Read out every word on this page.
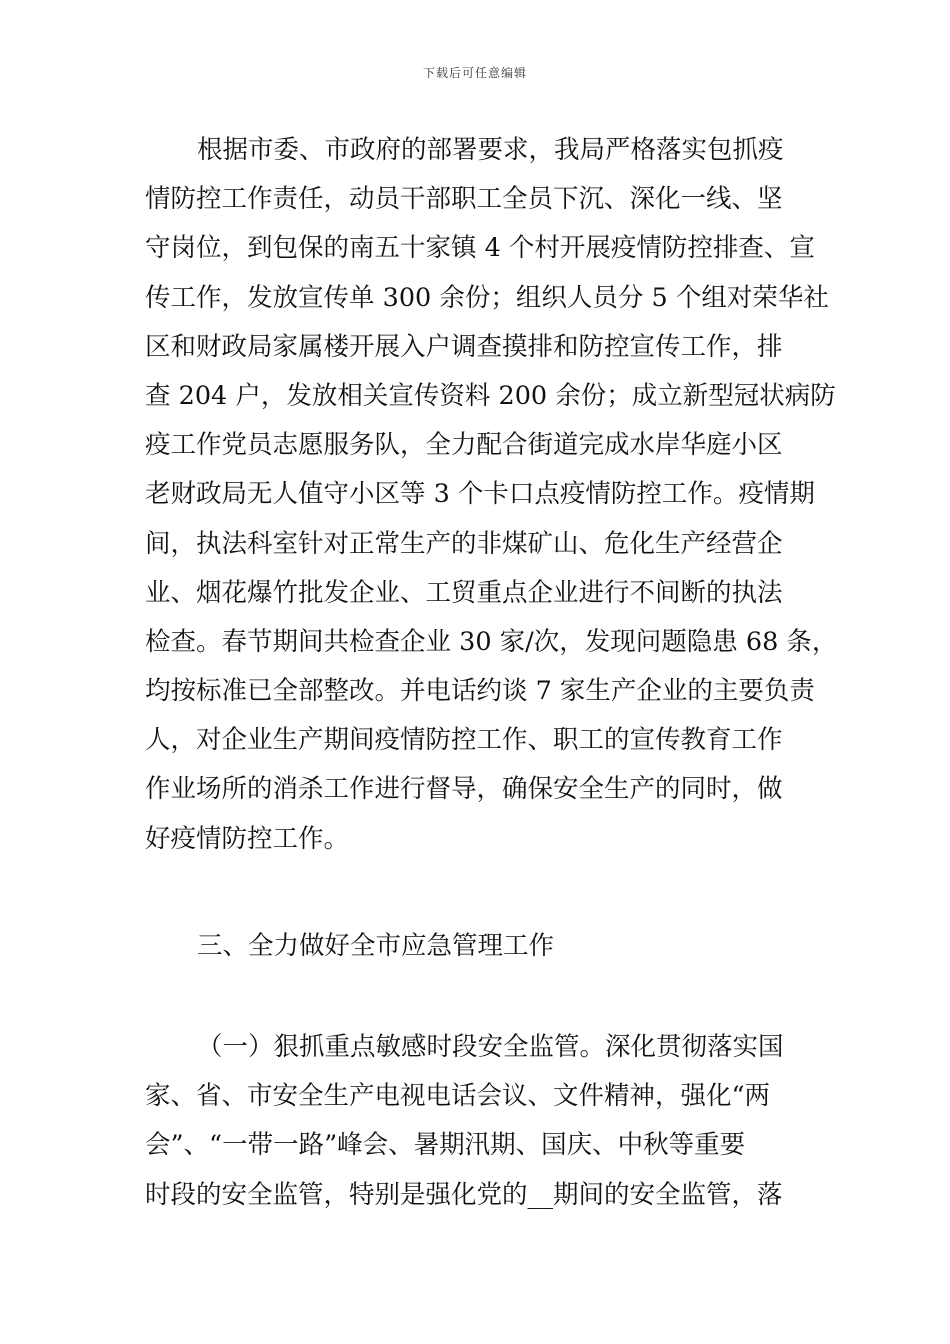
下载后可任意编辑
根据市委、市政府的部署要求，我局严格落实包抓疫
情防控工作责任，动员干部职工全员下沉、深化一线、坚
守岗位，到包保的南五十家镇 4 个村开展疫情防控排查、宣
传工作，发放宣传单 300 余份；组织人员分 5 个组对荣华社
区和财政局家属楼开展入户调查摸排和防控宣传工作，排
查 204 户，发放相关宣传资料 200 余份；成立新型冠状病防
疫工作党员志愿服务队，全力配合街道完成水岸华庭小区
老财政局无人值守小区等 3 个卡口点疫情防控工作。疫情期
间，执法科室针对正常生产的非煤矿山、危化生产经营企
业、烟花爆竹批发企业、工贸重点企业进行不间断的执法
检查。春节期间共检查企业 30 家/次，发现问题隐患 68 条，
均按标准已全部整改。并电话约谈 7 家生产企业的主要负责
人，对企业生产期间疫情防控工作、职工的宣传教育工作
作业场所的消杀工作进行督导，确保安全生产的同时，做
好疫情防控工作。
三、全力做好全市应急管理工作
（一）狠抓重点敏感时段安全监管。深化贯彻落实国
家、省、市安全生产电视电话会议、文件精神，强化“两
会”、“一带一路”峰会、暑期汛期、国庆、中秋等重要
时段的安全监管，特别是强化党的__期间的安全监管，落
